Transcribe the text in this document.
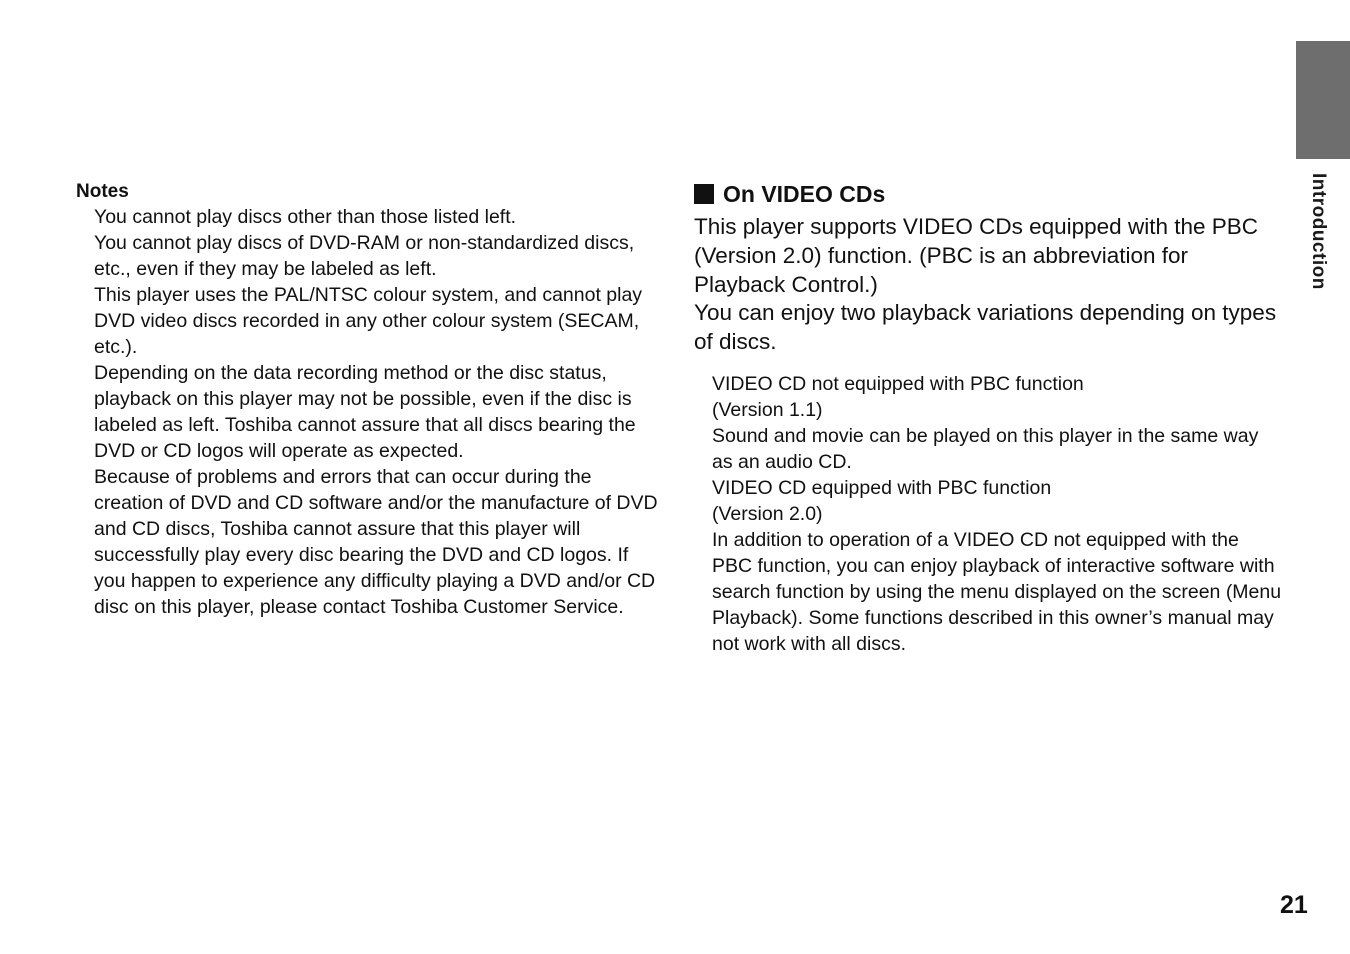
Introduction

Notes

You cannot play discs other than those listed left.
You cannot play discs of DVD-RAM or non-standardized discs, etc., even if they may be labeled as left.
This player uses the PAL/NTSC colour system, and cannot play DVD video discs recorded in any other colour system (SECAM, etc.).
Depending on the data recording method or the disc status, playback on this player may not be possible, even if the disc is labeled as left. Toshiba cannot assure that all discs bearing the DVD or CD logos will operate as expected.
Because of problems and errors that can occur during the creation of DVD and CD software and/or the manufacture of DVD and CD discs, Toshiba cannot assure that this player will successfully play every disc bearing the DVD and CD logos. If you happen to experience any difficulty playing a DVD and/or CD disc on this player, please contact Toshiba Customer Service.
On VIDEO CDs

This player supports VIDEO CDs equipped with the PBC (Version 2.0) function. (PBC is an abbreviation for Playback Control.)

You can enjoy two playback variations depending on types of discs.

VIDEO CD not equipped with PBC function

(Version 1.1)

Sound and movie can be played on this player in the same way as an audio CD.

VIDEO CD equipped with PBC function

(Version 2.0)

In addition to operation of a VIDEO CD not equipped with the PBC function, you can enjoy playback of interactive software with search function by using the menu displayed on the screen (Menu Playback). Some functions described in this owner’s manual may not work with all discs.

21
